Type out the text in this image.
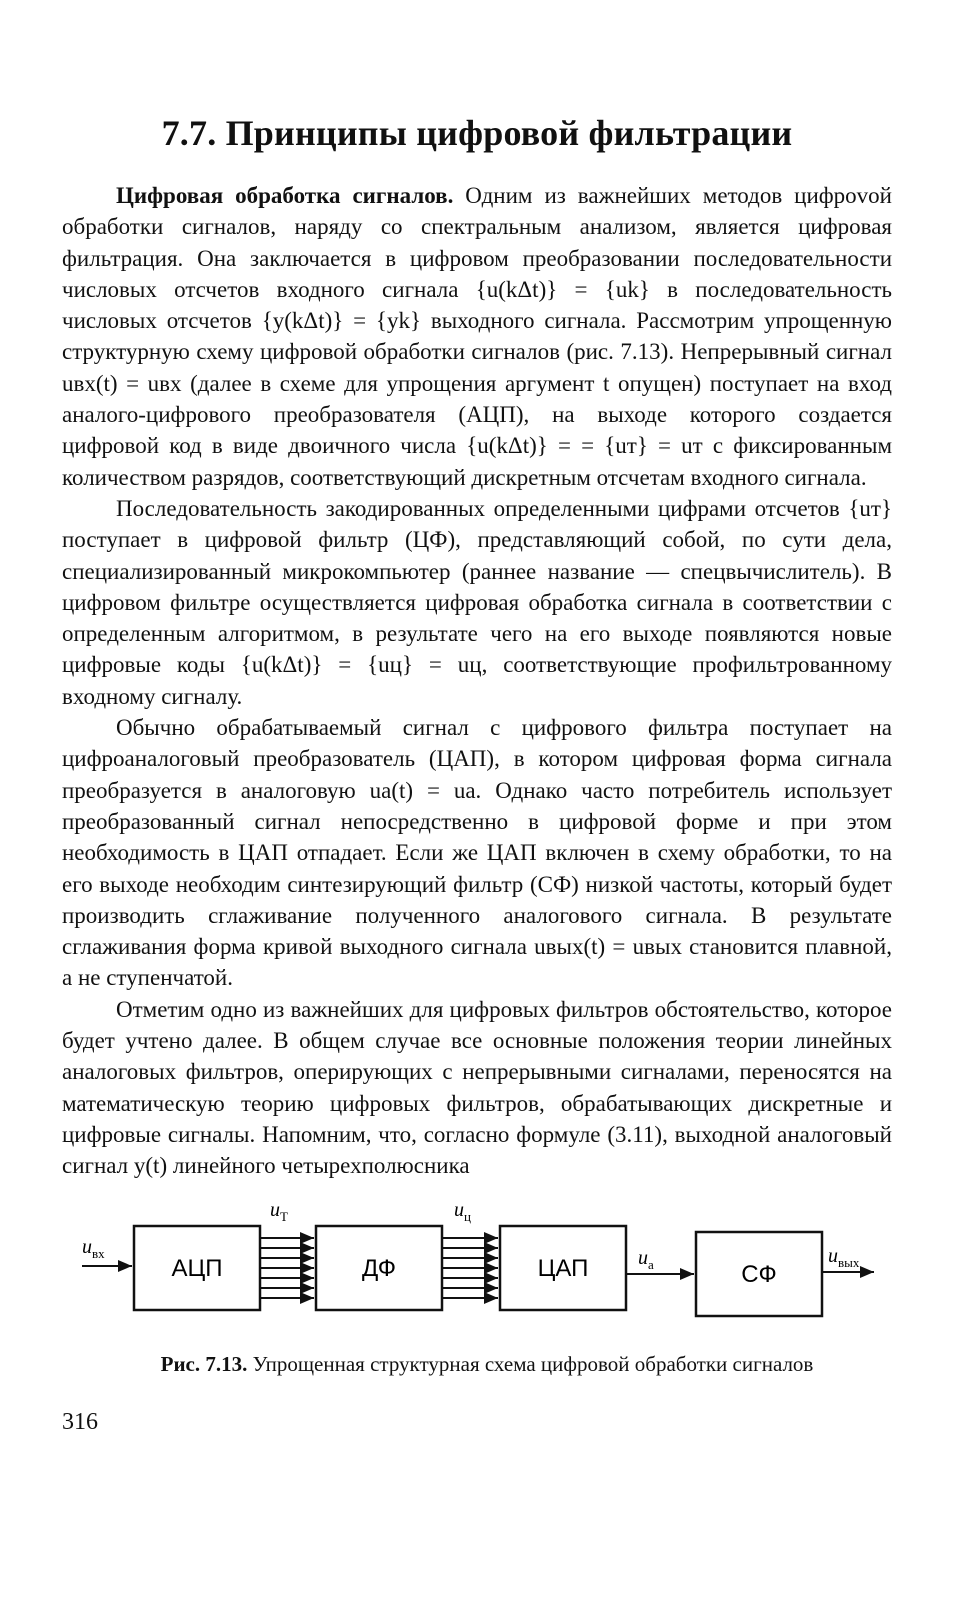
7.7. Принципы цифровой фильтрации

Цифровая обработка сигналов. Одним из важнейших методов цифроvой обработки сигналов, наряду со спектральным анализом, является цифровая фильтрация. Она заключается в цифровом преобразовании последовательности числовых отсчетов входного сигнала {u(kΔt)} = {uk} в последовательность числовых отсчетов {y(kΔt)} = {yk} выходного сигнала. Рассмотрим упрощенную структурную схему цифровой обработки сигналов (рис. 7.13). Непрерывный сигнал uвх(t) = uвх (далее в схеме для упрощения аргумент t опущен) поступает на вход аналого-цифрового преобразователя (АЦП), на выходе которого создается цифровой код в виде двоичного числа {u(kΔt)} = = {uт} = uт с фиксированным количеством разрядов, соответствующий дискретным отсчетам входного сигнала.

Последовательность закодированных определенными цифрами отсчетов {uт} поступает в цифровой фильтр (ЦФ), представляющий собой, по сути дела, специализированный микрокомпьютер (раннее название — спецвычислитель). В цифровом фильтре осуществляется цифровая обработка сигнала в соответствии с определенным алгоритмом, в результате чего на его выходе появляются новые цифровые коды {u(kΔt)} = {uц} = uц, соответствующие профильтрованному входному сигналу.

Обычно обрабатываемый сигнал с цифрового фильтра поступает на цифроаналоговый преобразователь (ЦАП), в котором цифровая форма сигнала преобразуется в аналоговую uа(t) = uа. Однако часто потребитель использует преобразованный сигнал непосредственно в цифровой форме и при этом необходимость в ЦАП отпадает. Если же ЦАП включен в схему обработки, то на его выходе необходим синтезирующий фильтр (СФ) низкой частоты, который будет производить сглаживание полученного аналогового сигнала. В результате сглаживания форма кривой выходного сигнала uвых(t) = uвых становится плавной, а не ступенчатой.

Отметим одно из важнейших для цифровых фильтров обстоятельство, которое будет учтено далее. В общем случае все основные положения теории линейных аналоговых фильтров, оперирующих с непрерывными сигналами, переносятся на математическую теорию цифровых фильтров, обрабатывающих дискретные и цифровые сигналы. Напомним, что, согласно формуле (3.11), выходной аналоговый сигнал y(t) линейного четырехполюсника

$u_{вх}$
АЦП
$u_T$
ДФ
$u_ц$
ЦАП $u_а$	СФ
$u_{вых}$
Рис. 7.13. Упрощенная структурная схема цифровой обработки сигналов
316
